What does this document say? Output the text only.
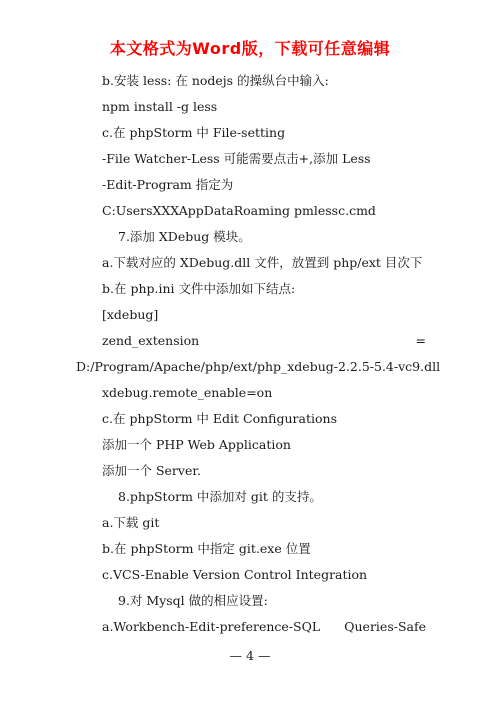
本文格式为Word版，下载可任意编辑
b.安装 less: 在 nodejs 的操纵台中输入:
npm install -g less
c.在 phpStorm 中 File-setting
-File Watcher-Less 可能需要点击+,添加 Less
-Edit-Program 指定为
C:UsersXXXAppDataRoaming pmlessc.cmd
7.添加 XDebug 模块。
a.下载对应的 XDebug.dll 文件，放置到 php/ext 目次下
b.在 php.ini 文件中添加如下结点:
[xdebug]
zend_extension	=
D:/Program/Apache/php/ext/php_xdebug-2.2.5-5.4-vc9.dll
xdebug.remote_enable=on
c.在 phpStorm 中 Edit Configurations
添加一个 PHP Web Application
添加一个 Server.
8.phpStorm 中添加对 git 的支持。
a.下载 git
b.在 phpStorm 中指定 git.exe 位置
c.VCS-Enable Version Control Integration
9.对 Mysql 做的相应设置:
a.Workbench-Edit-preference-SQL Queries-Safe
— 4 —
